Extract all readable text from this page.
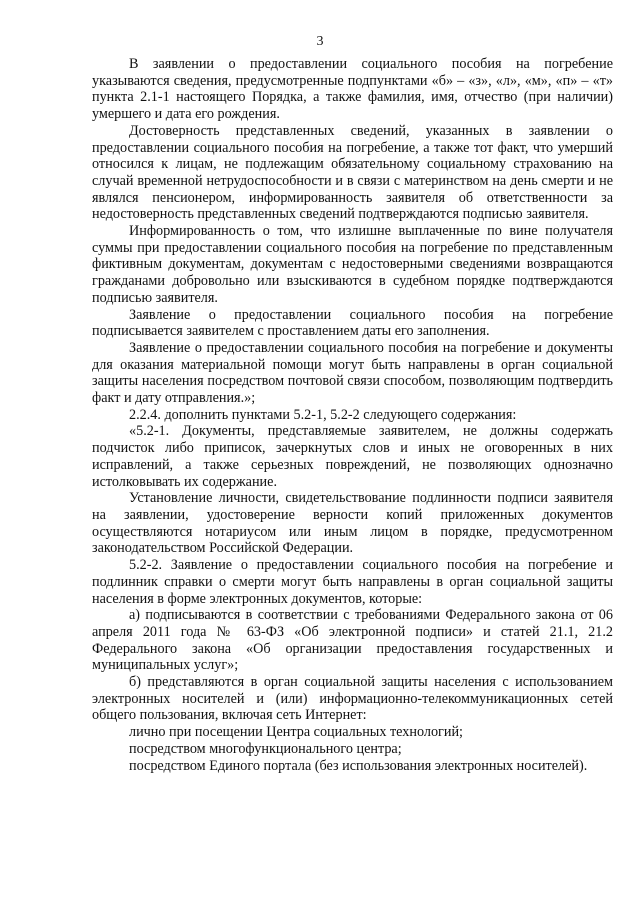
3

В заявлении о предоставлении социального пособия на погребение указываются сведения, предусмотренные подпунктами «б» – «з», «л», «м», «п» – «т» пункта 2.1-1 настоящего Порядка, а также фамилия, имя, отчество (при наличии) умершего и дата его рождения.

Достоверность представленных сведений, указанных в заявлении о предоставлении социального пособия на погребение, а также тот факт, что умерший относился к лицам, не подлежащим обязательному социальному страхованию на случай временной нетрудоспособности и в связи с материнством на день смерти и не являлся пенсионером, информированность заявителя об ответственности за недостоверность представленных сведений подтверждаются подписью заявителя.

Информированность о том, что излишне выплаченные по вине получателя суммы при предоставлении социального пособия на погребение по представленным фиктивным документам, документам с недостоверными сведениями возвращаются гражданами добровольно или взыскиваются в судебном порядке подтверждаются подписью заявителя.

Заявление о предоставлении социального пособия на погребение подписывается заявителем с проставлением даты его заполнения.

Заявление о предоставлении социального пособия на погребение и документы для оказания материальной помощи могут быть направлены в орган социальной защиты населения посредством почтовой связи способом, позволяющим подтвердить факт и дату отправления.»;

2.2.4. дополнить пунктами 5.2-1, 5.2-2 следующего содержания:

«5.2-1. Документы, представляемые заявителем, не должны содержать подчисток либо приписок, зачеркнутых слов и иных не оговоренных в них исправлений, а также серьезных повреждений, не позволяющих однозначно истолковывать их содержание.

Установление личности, свидетельствование подлинности подписи заявителя на заявлении, удостоверение верности копий приложенных документов осуществляются нотариусом или иным лицом в порядке, предусмотренном законодательством Российской Федерации.

5.2-2. Заявление о предоставлении социального пособия на погребение и подлинник справки о смерти могут быть направлены в орган социальной защиты населения в форме электронных документов, которые:

а) подписываются в соответствии с требованиями Федерального закона от 06 апреля 2011 года № 63-ФЗ «Об электронной подписи» и статей 21.1, 21.2 Федерального закона «Об организации предоставления государственных и муниципальных услуг»;

б) представляются в орган социальной защиты населения с использованием электронных носителей и (или) информационно-телекоммуникационных сетей общего пользования, включая сеть Интернет:

лично при посещении Центра социальных технологий;

посредством многофункционального центра;

посредством Единого портала (без использования электронных носителей).
